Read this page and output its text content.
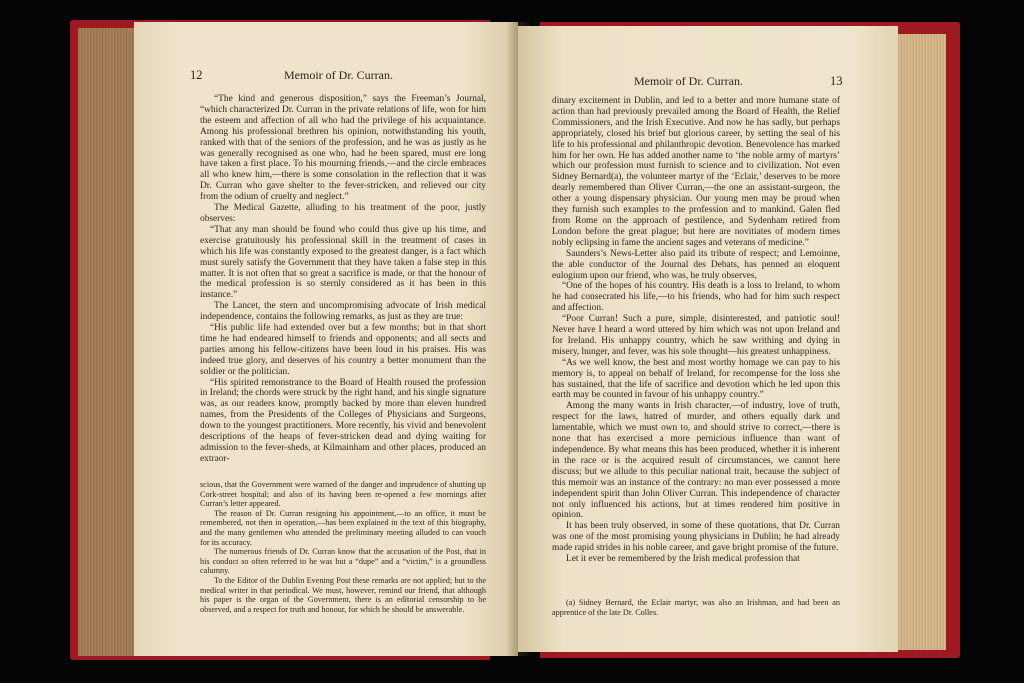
12	Memoir of Dr. Curran.

“The kind and generous disposition,” says the Freeman’s Journal, “which characterized Dr. Curran in the private relations of life, won for him the esteem and affection of all who had the privilege of his acquaintance. Among his professional brethren his opinion, notwithstanding his youth, ranked with that of the seniors of the profession, and he was as justly as he was generally recognised as one who, had he been spared, must ere long have taken a first place. To his mourning friends,—and the circle embraces all who knew him,—there is some consolation in the reflection that it was Dr. Curran who gave shelter to the fever-stricken, and relieved our city from the odium of cruelty and neglect.”

The Medical Gazette, alluding to his treatment of the poor, justly observes:

“That any man should be found who could thus give up his time, and exercise gratuitously his professional skill in the treatment of cases in which his life was constantly exposed to the greatest danger, is a fact which must surely satisfy the Government that they have taken a false step in this matter. It is not often that so great a sacrifice is made, or that the honour of the medical profession is so sternly considered as it has been in this instance.”

The Lancet, the stern and uncompromising advocate of Irish medical independence, contains the following remarks, as just as they are true:

“His public life had extended over but a few months; but in that short time he had endeared himself to friends and opponents; and all sects and parties among his fellow-citizens have been loud in his praises. His was indeed true glory, and deserves of his country a better monument than the soldier or the politician.

“His spirited remonstrance to the Board of Health roused the profession in Ireland; the chords were struck by the right hand, and his single signature was, as our readers know, promptly backed by more than eleven hundred names, from the Presidents of the Colleges of Physicians and Surgeons, down to the youngest practitioners. More recently, his vivid and benevolent descriptions of the heaps of fever-stricken dead and dying waiting for admission to the fever-sheds, at Kilmainham and other places, produced an extraor-

scious, that the Government were warned of the danger and imprudence of shutting up Cork-street hospital; and also of its having been re-opened a few mornings after Curran’s letter appeared.

The reason of Dr. Curran resigning his appointment,—to an office, it must be remembered, not then in operation,—has been explained in the text of this biography, and the many gentlemen who attended the preliminary meeting alluded to can vouch for its accuracy.

The numerous friends of Dr. Curran know that the accusation of the Post, that in his conduct so often referred to he was but a “dupe” and a “victim,” is a groundless calumny.

To the Editor of the Dublin Evening Post these remarks are not applied; but to the medical writer in that periodical. We must, however, remind our friend, that although his paper is the organ of the Government, there is an editorial censorship to be observed, and a respect for truth and honour, for which he should be answerable.

Memoir of Dr. Curran.	13

dinary excitement in Dublin, and led to a better and more humane state of action than had previously prevailed among the Board of Health, the Relief Commissioners, and the Irish Executive. And now he has sadly, but perhaps appropriately, closed his brief but glorious career, by setting the seal of his life to his professional and philanthropic devotion. Benevolence has marked him for her own. He has added another name to ‘the noble army of martyrs’ which our profession must furnish to science and to civilization. Not even Sidney Bernard(a), the volunteer martyr of the ‘Eclair,’ deserves to be more dearly remembered than Oliver Curran,—the one an assistant-surgeon, the other a young dispensary physician. Our young men may be proud when they furnish such examples to the profession and to mankind. Galen fled from Rome on the approach of pestilence, and Sydenham retired from London before the great plague; but here are novitiates of modern times nobly eclipsing in fame the ancient sages and veterans of medicine.”

Saunders’s News-Letter also paid its tribute of respect; and Lemoinne, the able conductor of the Journal des Debats, has penned an eloquent eulogium upon our friend, who was, he truly observes,

“One of the hopes of his country. His death is a loss to Ireland, to whom he had consecrated his life,—to his friends, who had for him such respect and affection.

“Poor Curran! Such a pure, simple, disinterested, and patriotic soul! Never have I heard a word uttered by him which was not upon Ireland and for Ireland. His unhappy country, which he saw writhing and dying in misery, hunger, and fever, was his sole thought—his greatest unhappiness.

“As we well know, the best and most worthy homage we can pay to his memory is, to appeal on behalf of Ireland, for recompense for the loss she has sustained, that the life of sacrifice and devotion which he led upon this earth may be counted in favour of his unhappy country.”

Among the many wants in Irish character,—of industry, love of truth, respect for the laws, hatred of murder, and others equally dark and lamentable, which we must own to, and should strive to correct,—there is none that has exercised a more pernicious influence than want of independence. By what means this has been produced, whether it is inherent in the race or is the acquired result of circumstances, we cannot here discuss; but we allude to this peculiar national trait, because the subject of this memoir was an instance of the contrary: no man ever possessed a more independent spirit than John Oliver Curran. This independence of character not only influenced his actions, but at times rendered him positive in opinion.

It has been truly observed, in some of these quotations, that Dr. Curran was one of the most promising young physicians in Dublin; he had already made rapid strides in his noble career, and gave bright promise of the future.

Let it ever be remembered by the Irish medical profession that

(a) Sidney Bernard, the Eclair martyr, was also an Irishman, and had been an apprentice of the late Dr. Colles.
